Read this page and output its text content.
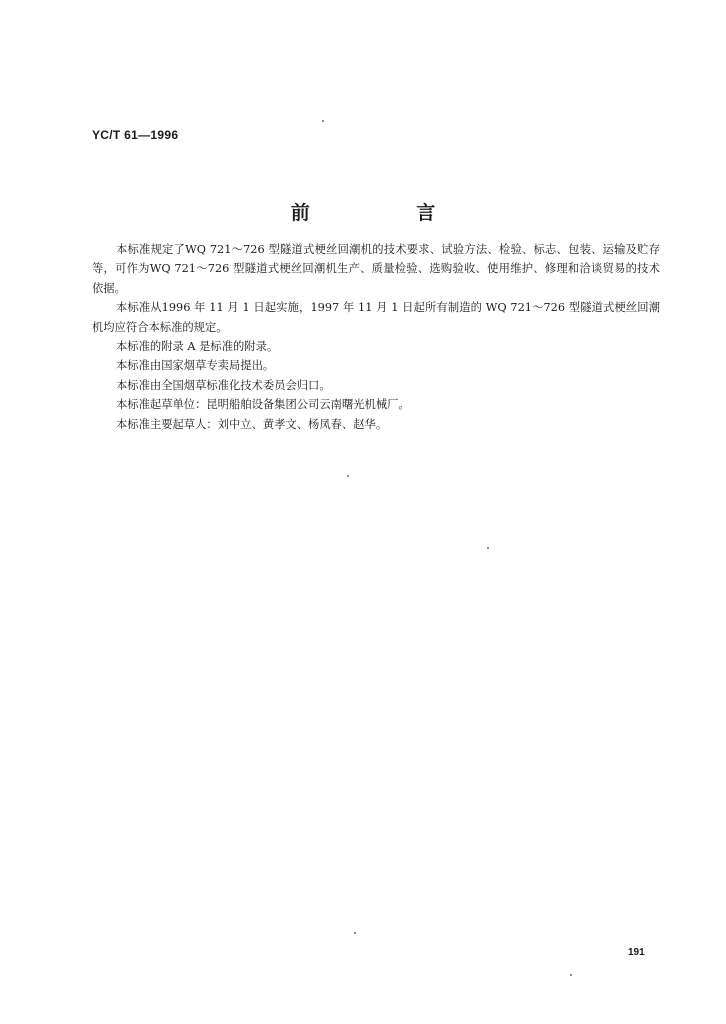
YC/T 61—1996
前 言

本标准规定了WQ 721～726 型隧道式梗丝回潮机的技术要求、试验方法、检验、标志、包装、运输及贮存等，可作为WQ 721～726 型隧道式梗丝回潮机生产、质量检验、选购验收、使用维护、修理和洽谈贸易的技术依据。

本标准从1996 年 11 月 1 日起实施，1997 年 11 月 1 日起所有制造的 WQ 721～726 型隧道式梗丝回潮机均应符合本标准的规定。

本标准的附录 A 是标准的附录。

本标准由国家烟草专卖局提出。

本标准由全国烟草标准化技术委员会归口。

本标准起草单位：昆明船舶设备集团公司云南曙光机械厂。

本标准主要起草人：刘中立、黄孝文、杨凤春、赵华。

191
